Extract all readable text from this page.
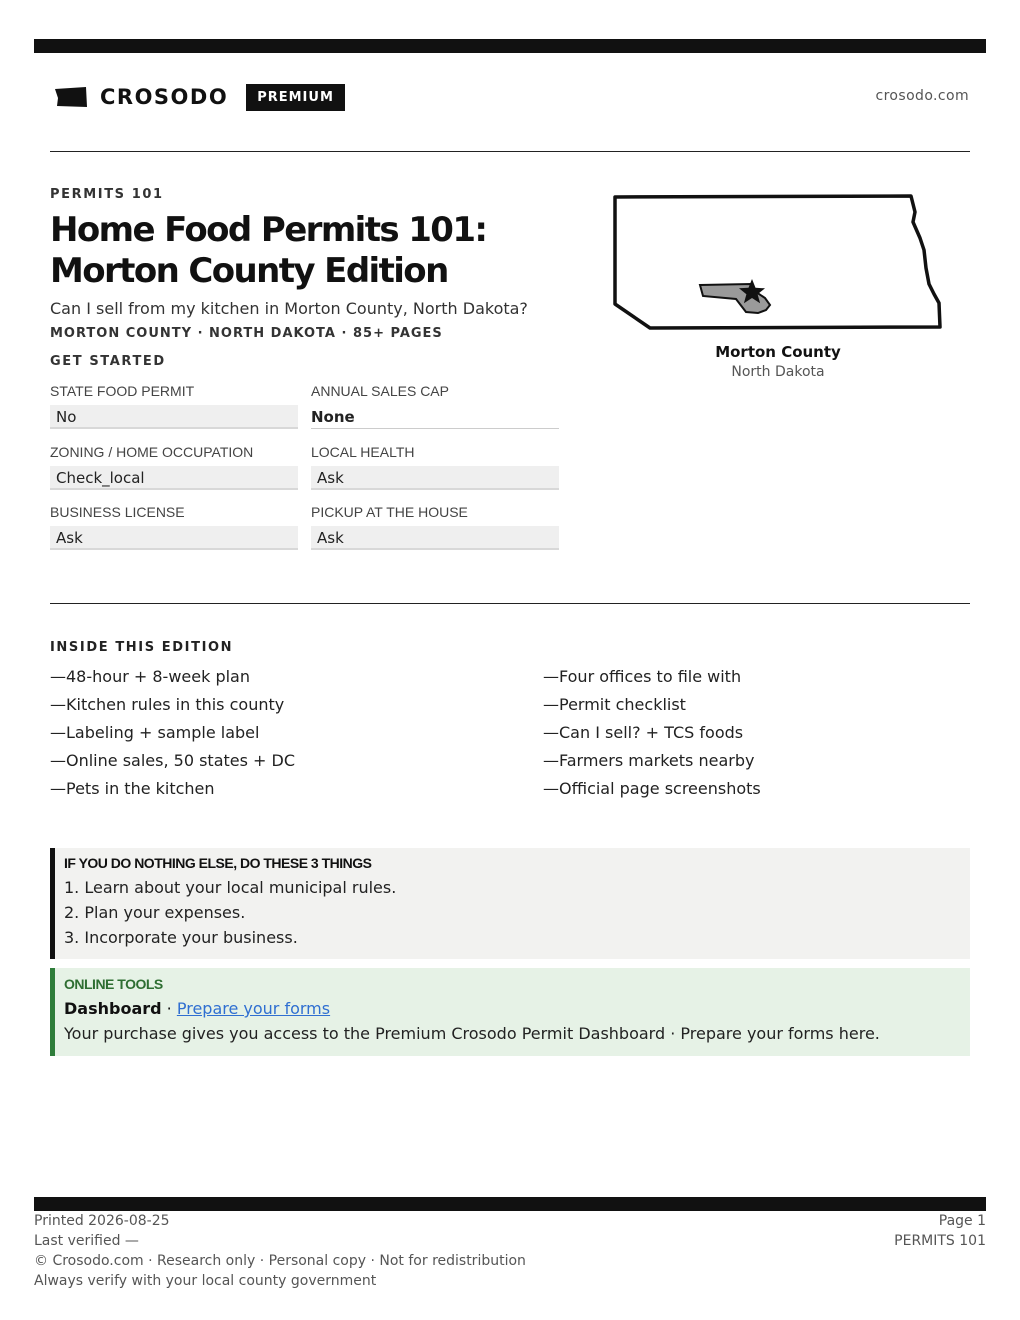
CROSODO	PREMIUM	crosodo.com
PERMITS 101
Home Food Permits 101: Morton County Edition
Can I sell from my kitchen in Morton County, North Dakota?
MORTON COUNTY · NORTH DAKOTA · 85+ PAGES
GET STARTED
STATE FOOD PERMIT
No
ANNUAL SALES CAP
None
ZONING / HOME OCCUPATION
Check_local
LOCAL HEALTH
Ask
BUSINESS LICENSE
Ask
PICKUP AT THE HOUSE
Ask
Morton County
North Dakota
INSIDE THIS EDITION
—48-hour + 8-week plan
—Kitchen rules in this county
—Labeling + sample label
—Online sales, 50 states + DC
—Pets in the kitchen
—Four offices to file with
—Permit checklist
—Can I sell? + TCS foods
—Farmers markets nearby
—Official page screenshots
IF YOU DO NOTHING ELSE, DO THESE 3 THINGS
1. Learn about your local municipal rules.
2. Plan your expenses.
3. Incorporate your business.
ONLINE TOOLS
Dashboard · Prepare your forms
Your purchase gives you access to the Premium Crosodo Permit Dashboard · Prepare your forms here.
Printed 2026-08-25
Last verified —
© Crosodo.com · Research only · Personal copy · Not for redistribution
Always verify with your local county government
Page 1
PERMITS 101
